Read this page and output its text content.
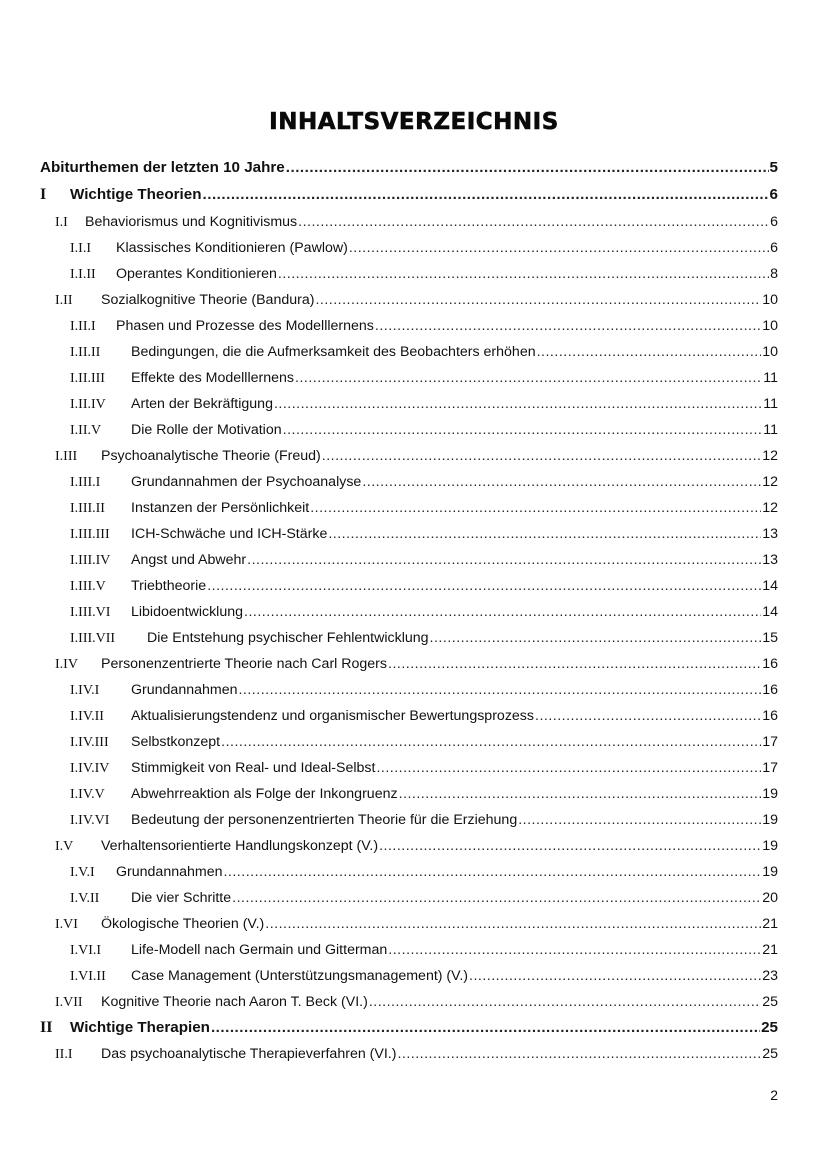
INHALTSVERZEICHNIS
Abiturthemen der letzten 10 Jahre .....	5
I	Wichtige Theorien .....	6
I.I	Behaviorismus und Kognitivismus .....	6
I.I.I	Klassisches Konditionieren (Pawlow) .....	6
I.I.II	Operantes Konditionieren .....	8
I.II	Sozialkognitive Theorie (Bandura) .....	10
I.II.I	Phasen und Prozesse des Modelllernens .....	10
I.II.II	Bedingungen, die die Aufmerksamkeit des Beobachters erhöhen .....	10
I.II.III	Effekte des Modelllernens .....	11
I.II.IV	Arten der Bekräftigung .....	11
I.II.V	Die Rolle der Motivation .....	11
I.III	Psychoanalytische Theorie (Freud) .....	12
I.III.I	Grundannahmen der Psychoanalyse .....	12
I.III.II	Instanzen der Persönlichkeit .....	12
I.III.III	ICH-Schwäche und ICH-Stärke .....	13
I.III.IV	Angst und Abwehr .....	13
I.III.V	Triebtheorie .....	14
I.III.VI	Libidoentwicklung .....	14
I.III.VII	Die Entstehung psychischer Fehlentwicklung .....	15
I.IV	Personenzentrierte Theorie nach Carl Rogers .....	16
I.IV.I	Grundannahmen .....	16
I.IV.II	Aktualisierungstendenz und organismischer Bewertungsprozess .....	16
I.IV.III	Selbstkonzept .....	17
I.IV.IV	Stimmigkeit von Real- und Ideal-Selbst .....	17
I.IV.V	Abwehrreaktion als Folge der Inkongruenz .....	19
I.IV.VI	Bedeutung der personenzentrierten Theorie für die Erziehung .....	19
I.V	Verhaltensorientierte Handlungskonzept (V.) .....	19
I.V.I	Grundannahmen .....	19
I.V.II	Die vier Schritte .....	20
I.VI	Ökologische Theorien (V.) .....	21
I.VI.I	Life-Modell nach Germain und Gitterman .....	21
I.VI.II	Case Management (Unterstützungsmanagement) (V.) .....	23
I.VII	Kognitive Theorie nach Aaron T. Beck (VI.) .....	25
II	Wichtige Therapien .....	25
II.I	Das psychoanalytische Therapieverfahren (VI.) .....	25
2
